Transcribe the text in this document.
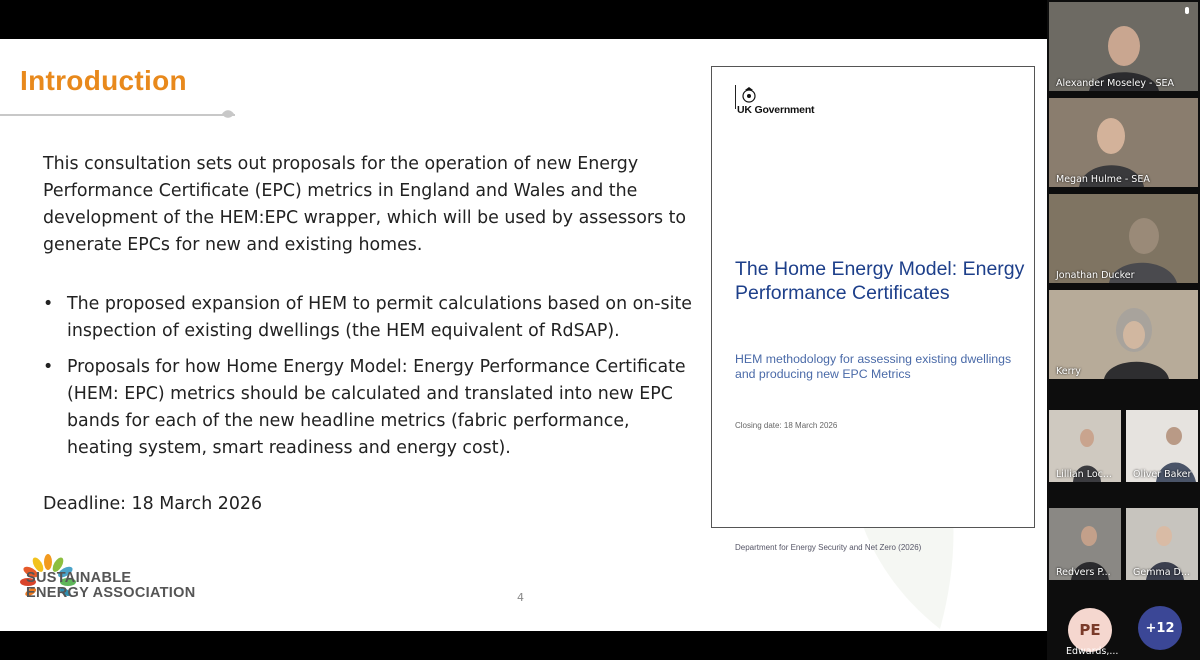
Introduction

This consultation sets out proposals for the operation of new Energy Performance Certificate (EPC) metrics in England and Wales and the development of the HEM:EPC wrapper, which will be used by assessors to generate EPCs for new and existing homes.

• The proposed expansion of HEM to permit calculations based on on-site inspection of existing dwellings (the HEM equivalent of RdSAP).
• Proposals for how Home Energy Model: Energy Performance Certificate (HEM: EPC) metrics should be calculated and translated into new EPC bands for each of the new headline metrics (fabric performance, heating system, smart readiness and energy cost).
Deadline: 18 March 2026
4
SUSTAINABLE
ENERGY ASSOCIATION
UK Government
The Home Energy Model: Energy Performance Certificates
HEM methodology for assessing existing dwellings and producing new EPC Metrics
Closing date: 18 March 2026
Department for Energy Security and Net Zero (2026)
Alexander Moseley - SEA
Megan Hulme - SEA
Jonathan Ducker
Kerry
Lillian Loc... Oliver Baker
Redvers P... Gemma D...
PE
Edwards,...
+12
